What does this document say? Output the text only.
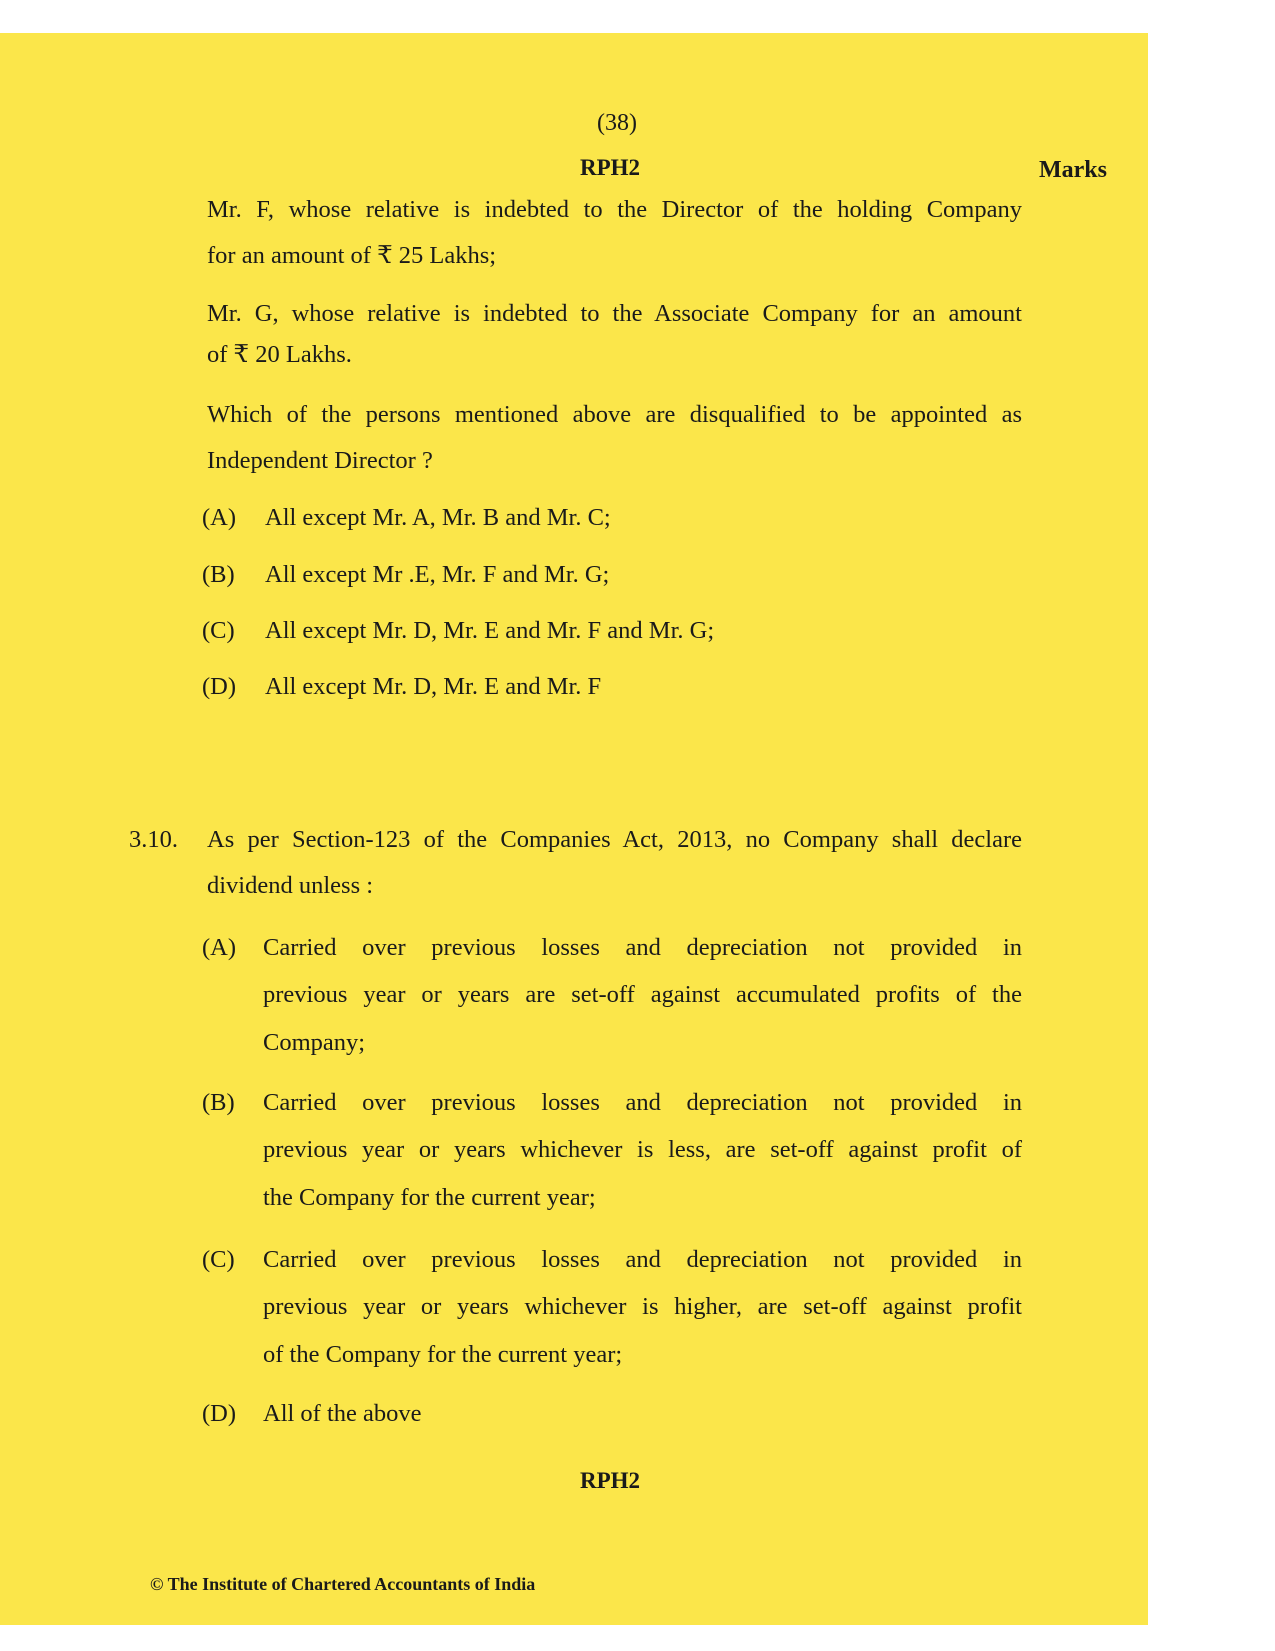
(38)
RPH2	Marks
Mr. F, whose relative is indebted to the Director of the holding Company
for an amount of ₹ 25 Lakhs;
Mr. G, whose relative is indebted to the Associate Company for an amount
of ₹ 20 Lakhs.
Which of the persons mentioned above are disqualified to be appointed as
Independent Director ?
(A) All except Mr. A, Mr. B and Mr. C;
(B) All except Mr .E, Mr. F and Mr. G;
(C) All except Mr. D, Mr. E and Mr. F and Mr. G;
(D) All except Mr. D, Mr. E and Mr. F
3.10. As per Section-123 of the Companies Act, 2013, no Company shall declare
dividend unless :
(A) Carried over previous losses and depreciation not provided in
previous year or years are set-off against accumulated profits of the
Company;
(B) Carried over previous losses and depreciation not provided in
previous year or years whichever is less, are set-off against profit of
the Company for the current year;
(C) Carried over previous losses and depreciation not provided in
previous year or years whichever is higher, are set-off against profit
of the Company for the current year;
(D) All of the above
RPH2
© The Institute of Chartered Accountants of India
